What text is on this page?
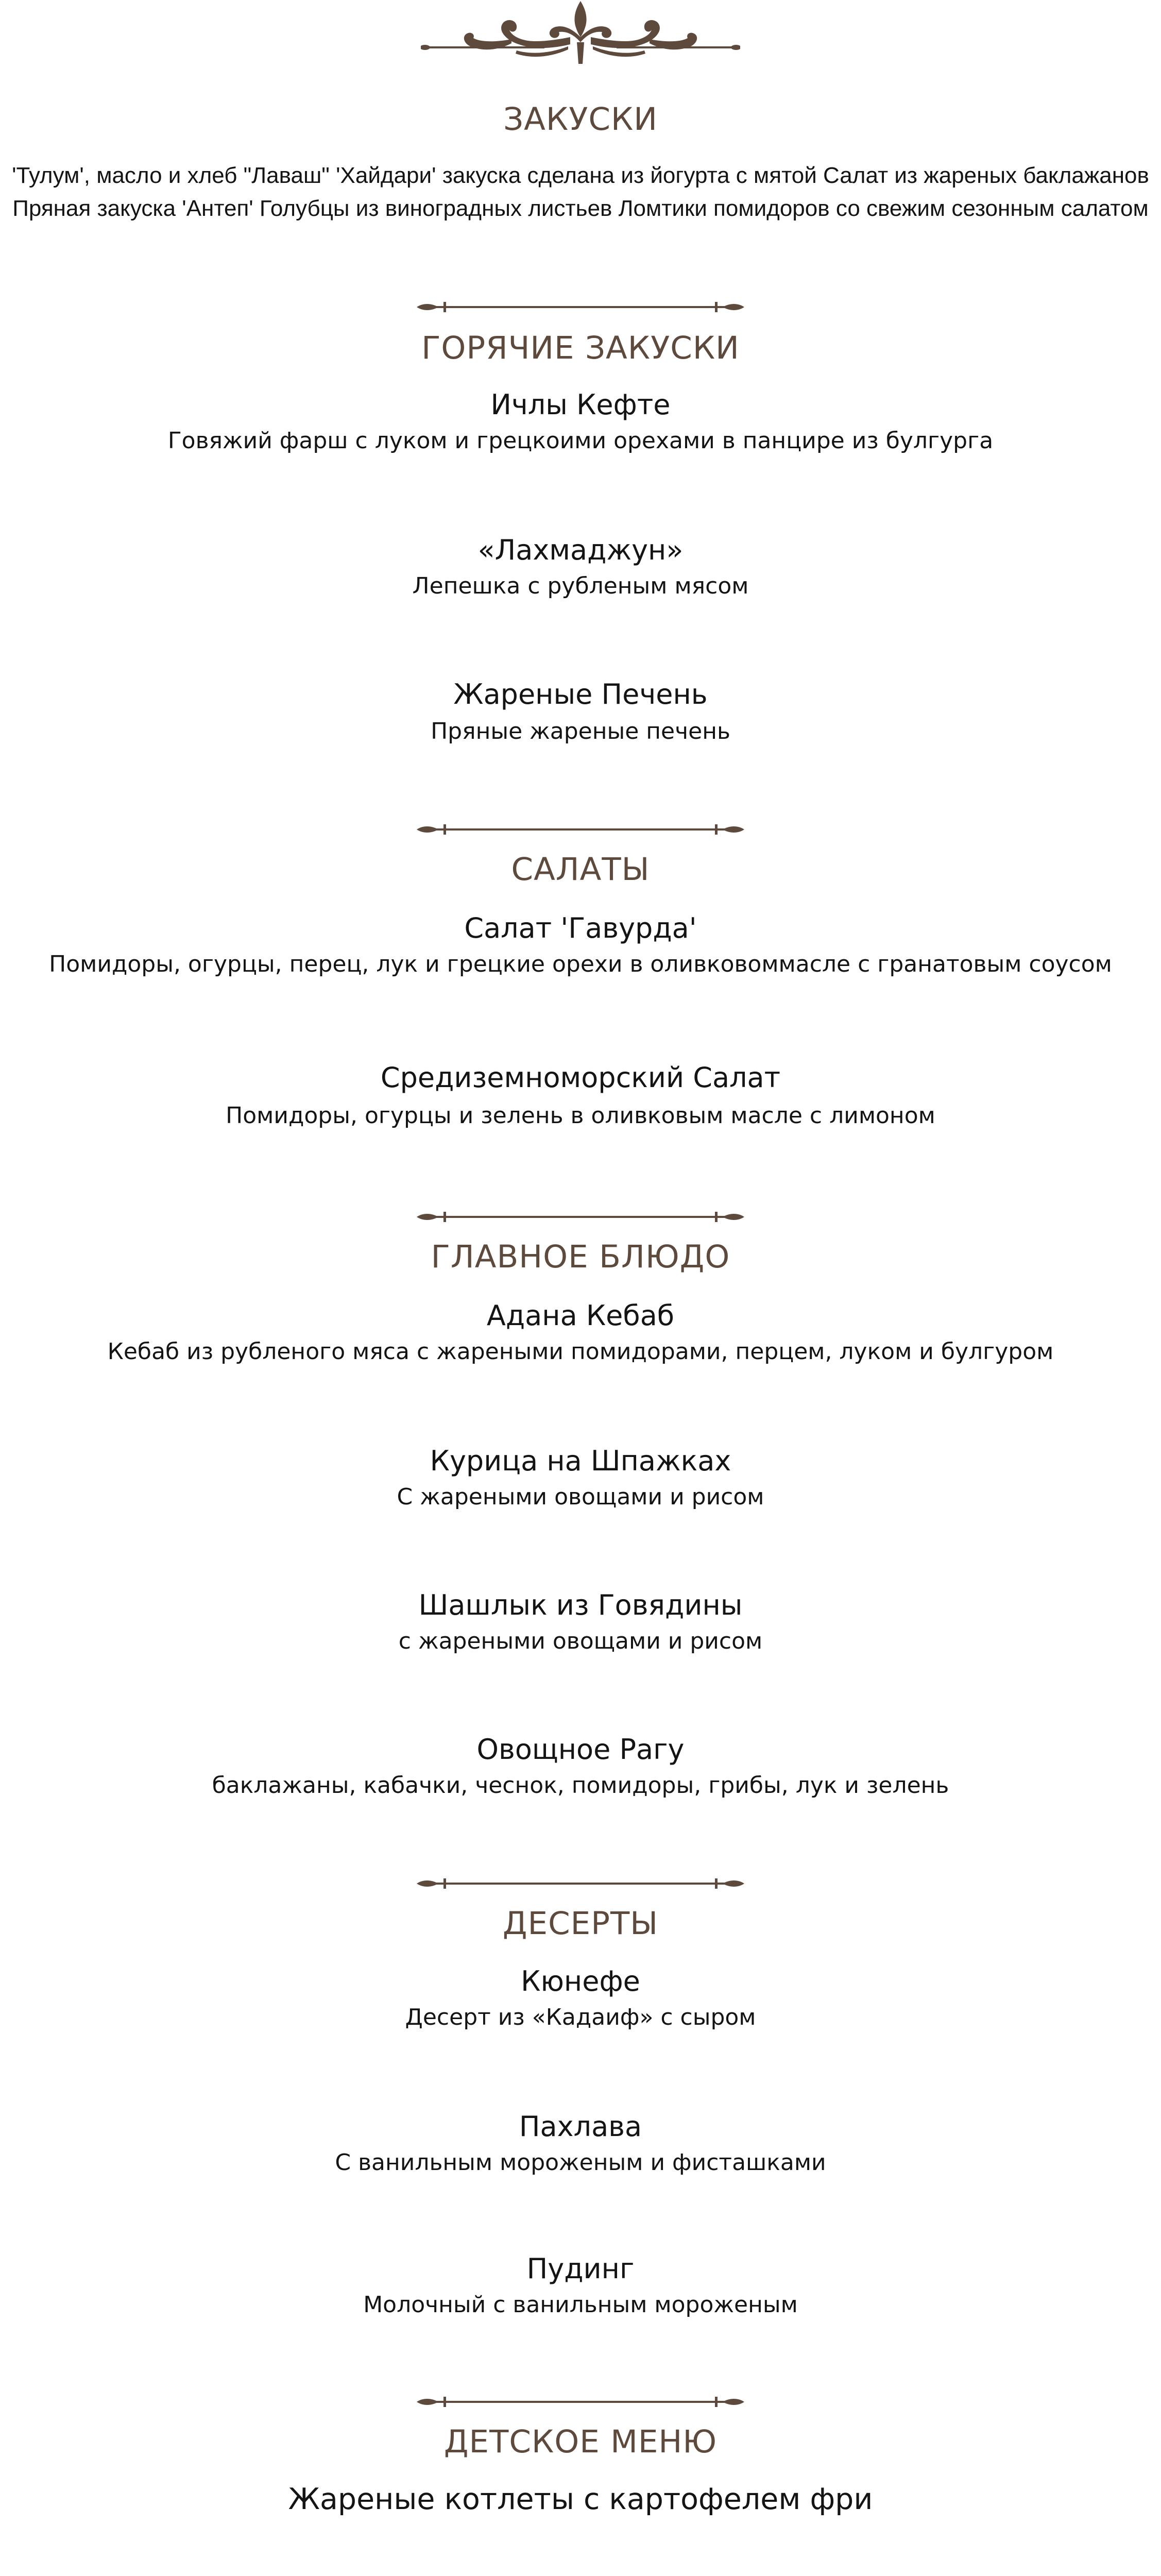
ЗАКУСКИ
'Тулум', масло и хлеб "Лаваш" 'Хайдари' закуска сделана из йогурта с мятой Салат из жареных баклажанов
Пряная закуска 'Антеп' Голубцы из виноградных листьев Ломтики помидоров со свежим сезонным салатом
ГОРЯЧИЕ ЗАКУСКИ
Ичлы Кефте
Говяжий фарш с луком и грецкоими орехами в панцире из булгурга
«Лахмаджун»
Лепешка с рубленым мясом
Жареные Печень
Пряные жареные печень
САЛАТЫ
Салат 'Гавурда'
Помидоры, огурцы, перец, лук и грецкие орехи в оливковоммасле с гранатовым соусом
Средиземноморский Салат
Помидоры, огурцы и зелень в оливковым масле с лимоном
ГЛАВНОЕ БЛЮДО
Адана Кебаб
Кебаб из рубленого мяса с жареными помидорами, перцем, луком и булгуром
Курица на Шпажках
С жареными овощами и рисом
Шашлык из Говядины
с жареными овощами и рисом
Овощное Рагу
баклажаны, кабачки, чеснок, помидоры, грибы, лук и зелень
ДЕСЕРТЫ
Кюнефе
Десерт из «Кадаиф» с сыром
Пахлава
С ванильным мороженым и фисташками
Пудинг
Молочный с ванильным мороженым
ДЕТСКОЕ МЕНЮ
Жареные котлеты с картофелем фри
